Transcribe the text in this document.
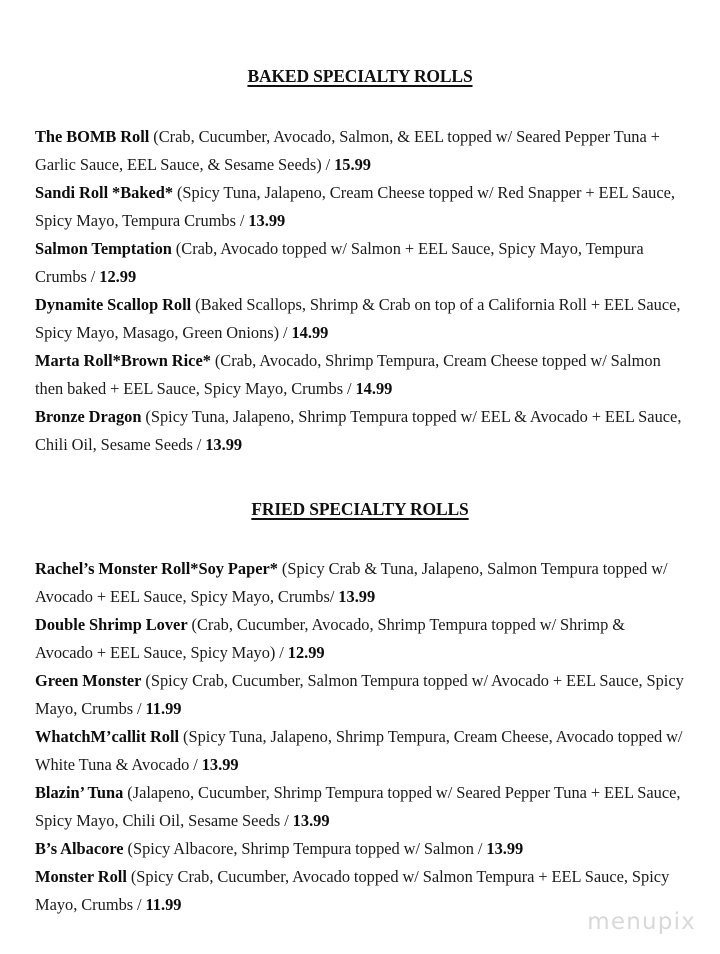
BAKED SPECIALTY ROLLS
The BOMB Roll (Crab, Cucumber, Avocado, Salmon, & EEL topped w/ Seared Pepper Tuna + Garlic Sauce, EEL Sauce, & Sesame Seeds) / 15.99
Sandi Roll *Baked* (Spicy Tuna, Jalapeno, Cream Cheese topped w/ Red Snapper + EEL Sauce, Spicy Mayo, Tempura Crumbs / 13.99
Salmon Temptation (Crab, Avocado topped w/ Salmon + EEL Sauce, Spicy Mayo, Tempura Crumbs / 12.99
Dynamite Scallop Roll (Baked Scallops, Shrimp & Crab on top of a California Roll + EEL Sauce, Spicy Mayo, Masago, Green Onions) / 14.99
Marta Roll*Brown Rice* (Crab, Avocado, Shrimp Tempura, Cream Cheese topped w/ Salmon then baked + EEL Sauce, Spicy Mayo, Crumbs / 14.99
Bronze Dragon (Spicy Tuna, Jalapeno, Shrimp Tempura topped w/ EEL & Avocado + EEL Sauce, Chili Oil, Sesame Seeds / 13.99
FRIED SPECIALTY ROLLS
Rachel’s Monster Roll*Soy Paper* (Spicy Crab & Tuna, Jalapeno, Salmon Tempura topped w/ Avocado + EEL Sauce, Spicy Mayo, Crumbs/ 13.99
Double Shrimp Lover (Crab, Cucumber, Avocado, Shrimp Tempura topped w/ Shrimp & Avocado + EEL Sauce, Spicy Mayo) / 12.99
Green Monster (Spicy Crab, Cucumber, Salmon Tempura topped w/ Avocado + EEL Sauce, Spicy Mayo, Crumbs / 11.99
WhatchM’callit Roll (Spicy Tuna, Jalapeno, Shrimp Tempura, Cream Cheese, Avocado topped w/ White Tuna & Avocado / 13.99
Blazin’ Tuna (Jalapeno, Cucumber, Shrimp Tempura topped w/ Seared Pepper Tuna + EEL Sauce, Spicy Mayo, Chili Oil, Sesame Seeds / 13.99
B’s Albacore (Spicy Albacore, Shrimp Tempura topped w/ Salmon / 13.99
Monster Roll (Spicy Crab, Cucumber, Avocado topped w/ Salmon Tempura + EEL Sauce, Spicy Mayo, Crumbs / 11.99
menupix
